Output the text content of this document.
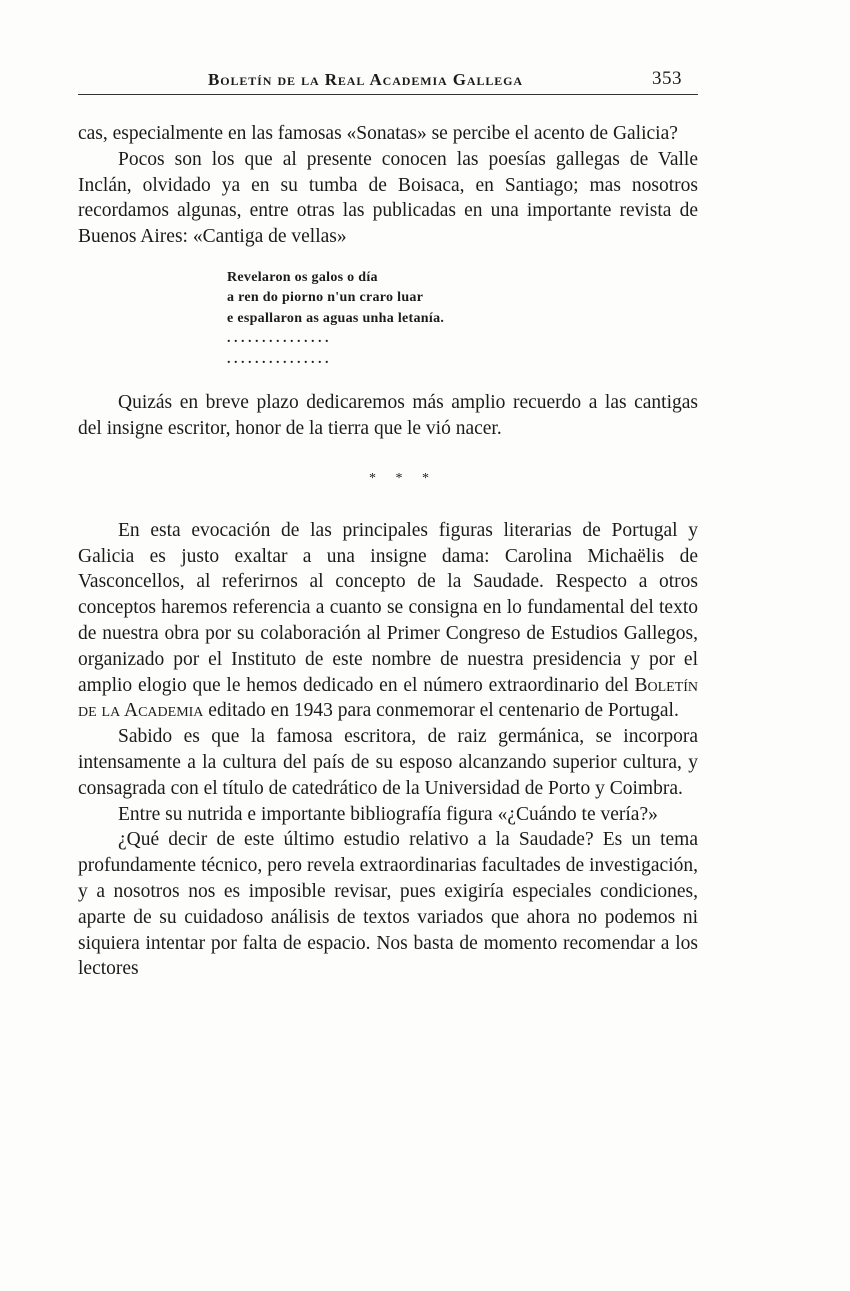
Boletín de la Real Academia Gallega	353

cas, especialmente en las famosas «Sonatas» se percibe el acento de Galicia?

Pocos son los que al presente conocen las poesías gallegas de Valle Inclán, olvidado ya en su tumba de Boisaca, en Santiago; mas nosotros recordamos algunas, entre otras las publicadas en una importante revista de Buenos Aires: «Cantiga de vellas»

Revelaron os galos o día
a ren do piorno n'un craro luar
e espallaron as aguas unha letanía.
. . . . . . . . . . . . . . .
. . . . . . . . . . . . . . .

Quizás en breve plazo dedicaremos más amplio recuerdo a las cantigas del insigne escritor, honor de la tierra que le vió nacer.

* * *

En esta evocación de las principales figuras literarias de Portugal y Galicia es justo exaltar a una insigne dama: Carolina Michaëlis de Vasconcellos, al referirnos al concepto de la Saudade. Respecto a otros conceptos haremos referencia a cuanto se consigna en lo fundamental del texto de nuestra obra por su colaboración al Primer Congreso de Estudios Gallegos, organizado por el Instituto de este nombre de nuestra presidencia y por el amplio elogio que le hemos dedicado en el número extraordinario del Boletín de la Academia editado en 1943 para conmemorar el centenario de Portugal.

Sabido es que la famosa escritora, de raiz germánica, se incorpora intensamente a la cultura del país de su esposo alcanzando superior cultura, y consagrada con el título de catedrático de la Universidad de Porto y Coimbra.

Entre su nutrida e importante bibliografía figura «¿Cuándo te vería?»

¿Qué decir de este último estudio relativo a la Saudade? Es un tema profundamente técnico, pero revela extraordinarias facultades de investigación, y a nosotros nos es imposible revisar, pues exigiría especiales condiciones, aparte de su cuidadoso análisis de textos variados que ahora no podemos ni siquiera intentar por falta de espacio. Nos basta de momento recomendar a los lectores
